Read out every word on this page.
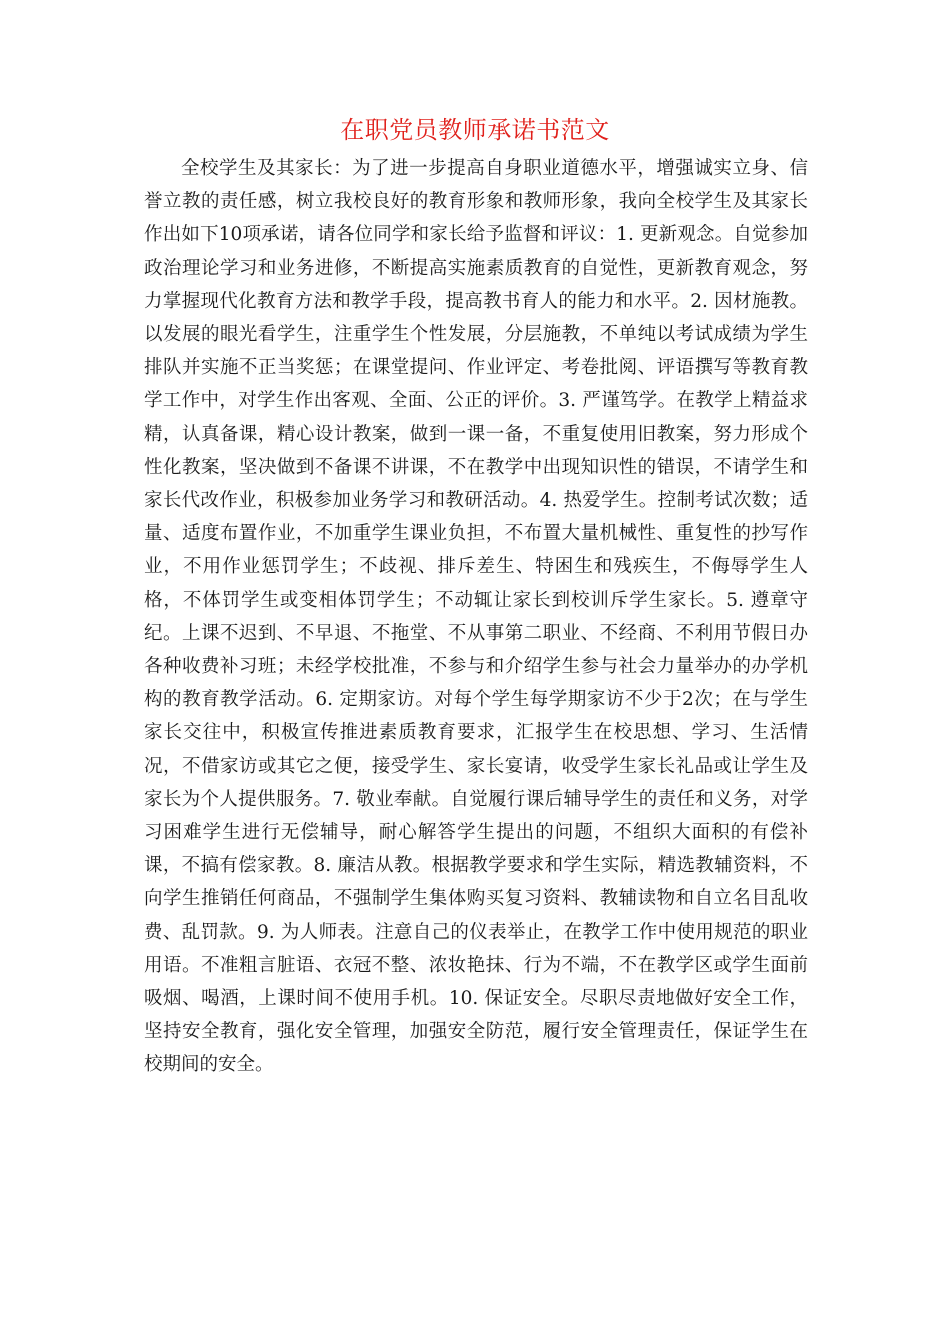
在职党员教师承诺书范文

全校学生及其家长：为了进一步提高自身职业道德水平，增强诚实立身、信誉立教的责任感，树立我校良好的教育形象和教师形象，我向全校学生及其家长作出如下10项承诺，请各位同学和家长给予监督和评议：1. 更新观念。自觉参加政治理论学习和业务进修，不断提高实施素质教育的自觉性，更新教育观念，努力掌握现代化教育方法和教学手段，提高教书育人的能力和水平。2. 因材施教。以发展的眼光看学生，注重学生个性发展，分层施教，不单纯以考试成绩为学生排队并实施不正当奖惩；在课堂提问、作业评定、考卷批阅、评语撰写等教育教学工作中，对学生作出客观、全面、公正的评价。3. 严谨笃学。在教学上精益求精，认真备课，精心设计教案，做到一课一备，不重复使用旧教案，努力形成个性化教案，坚决做到不备课不讲课，不在教学中出现知识性的错误，不请学生和家长代改作业，积极参加业务学习和教研活动。4. 热爱学生。控制考试次数；适量、适度布置作业，不加重学生课业负担，不布置大量机械性、重复性的抄写作业，不用作业惩罚学生；不歧视、排斥差生、特困生和残疾生，不侮辱学生人格，不体罚学生或变相体罚学生；不动辄让家长到校训斥学生家长。5. 遵章守纪。上课不迟到、不早退、不拖堂、不从事第二职业、不经商、不利用节假日办各种收费补习班；未经学校批准，不参与和介绍学生参与社会力量举办的办学机构的教育教学活动。6. 定期家访。对每个学生每学期家访不少于2次；在与学生家长交往中，积极宣传推进素质教育要求，汇报学生在校思想、学习、生活情况，不借家访或其它之便，接受学生、家长宴请，收受学生家长礼品或让学生及家长为个人提供服务。7. 敬业奉献。自觉履行课后辅导学生的责任和义务，对学习困难学生进行无偿辅导，耐心解答学生提出的问题，不组织大面积的有偿补课，不搞有偿家教。8. 廉洁从教。根据教学要求和学生实际，精选教辅资料，不向学生推销任何商品，不强制学生集体购买复习资料、教辅读物和自立名目乱收费、乱罚款。9. 为人师表。注意自己的仪表举止，在教学工作中使用规范的职业用语。不准粗言脏语、衣冠不整、浓妆艳抹、行为不端，不在教学区或学生面前吸烟、喝酒，上课时间不使用手机。10. 保证安全。尽职尽责地做好安全工作，坚持安全教育，强化安全管理，加强安全防范，履行安全管理责任，保证学生在校期间的安全。
